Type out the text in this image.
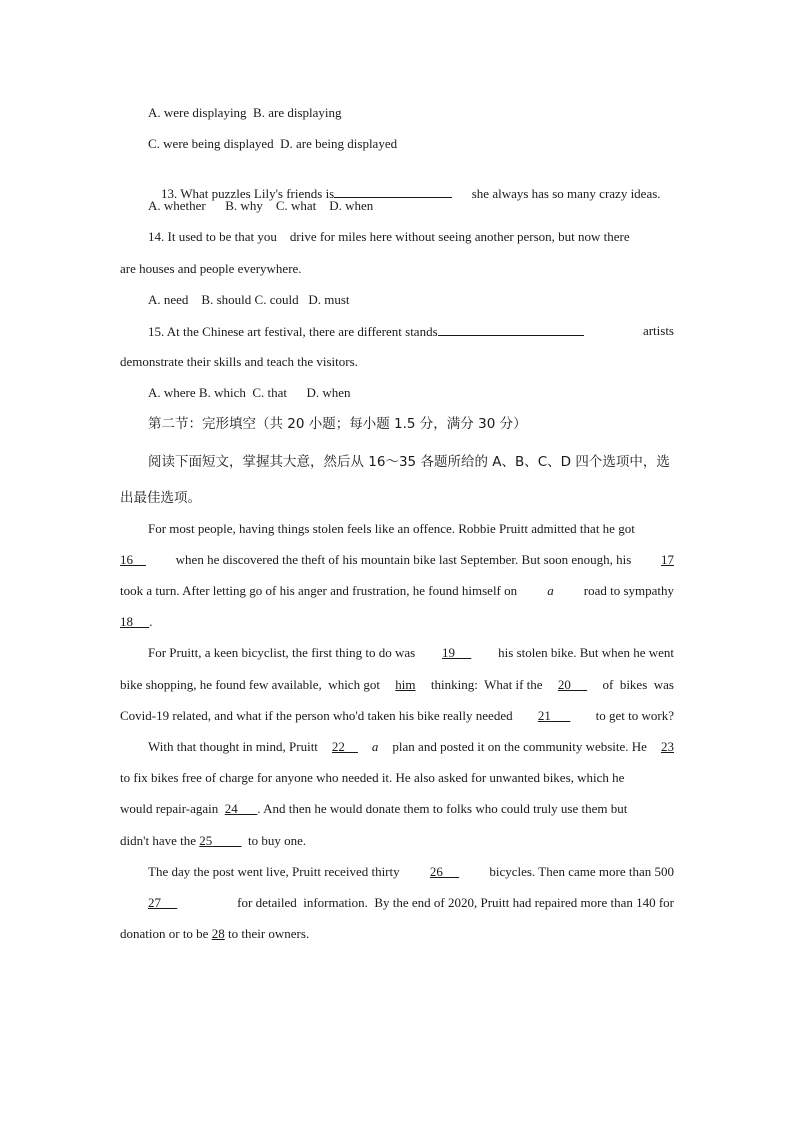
A. were displaying  B. are displaying
C. were being displayed  D. are being displayed

13. What puzzles Lily's friends is	she always has so many crazy ideas.

A. whether      B. why    C. what    D. when
14. It used to be that you    drive for miles here without seeing another person, but now there
are houses and people everywhere.
A. need    B. should C. could   D. must
15. At the Chinese art festival, there are different stands	artists
demonstrate their skills and teach the visitors.
A. where B. which  C. that      D. when
第二节：完形填空（共 20 小题；每小题 1.5 分，满分 30 分）
阅读下面短文，掌握其大意，然后从 16～35 各题所给的 A、B、C、D 四个选项中，选
出最佳选项。
For most people, having things stolen feels like an offence. Robbie Pruitt admitted that he got
16	when he discovered the theft of his mountain bike last September. But soon enough, his 17
took a turn. After letting go of his anger and frustration, he found himself on a road to sympathy
18 .
For Pruitt, a keen bicyclist, the first thing to do was 19	his stolen bike. But when he went
bike shopping, he found few available,  which got him thinking:  What if the 20	of  bikes  was
Covid-19 related, and what if the person who'd taken his bike really needed 21	to get to work?
With that thought in mind, Pruitt 22	a plan and posted it on the community website. He 23
to fix bikes free of charge for anyone who needed it. He also asked for unwanted bikes, which he
would repair-again 24 . And then he would donate them to folks who could truly use them but
didn't have the 25	to buy one.
The day the post went live, Pruitt received thirty 26	bicycles. Then came more than 500
27	for detailed  information.  By the end of 2020, Pruitt had repaired more than 140 for
donation or to be 28 to their owners.
